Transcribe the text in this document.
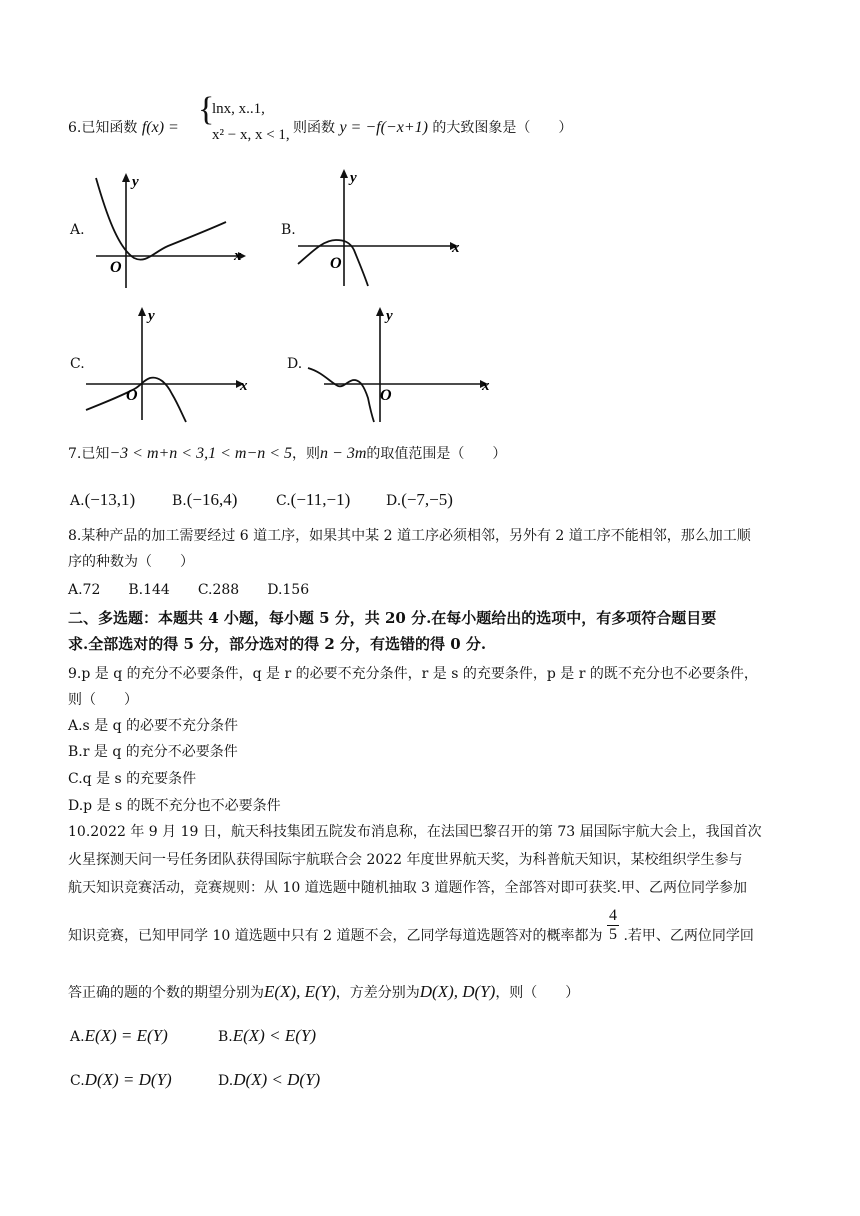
6.已知函数 f(x) = {
lnx, x..1,
x² − x, x < 1, 则函数 y = −f(−x+1) 的大致图象是（　　）
A.
y
x
O
B.
y
x
O
C.
y
x
O
D.
y
x
O
7.已知−3 < m+n < 3,1 < m−n < 5，则n − 3m的取值范围是（　　）
A.(−13,1)	B.(−16,4)	C.(−11,−1)	D.(−7,−5)
8.某种产品的加工需要经过 6 道工序，如果其中某 2 道工序必须相邻，另外有 2 道工序不能相邻，那么加工顺
序的种数为（　　）
A.72　　B.144　　C.288　　D.156
二、多选题：本题共 4 小题，每小题 5 分，共 20 分.在每小题给出的选项中，有多项符合题目要
求.全部选对的得 5 分，部分选对的得 2 分，有选错的得 0 分.
9.p 是 q 的充分不必要条件，q 是 r 的必要不充分条件，r 是 s 的充要条件，p 是 r 的既不充分也不必要条件，
则（　　）
A.s 是 q 的必要不充分条件
B.r 是 q 的充分不必要条件
C.q 是 s 的充要条件
D.p 是 s 的既不充分也不必要条件
10.2022 年 9 月 19 日，航天科技集团五院发布消息称，在法国巴黎召开的第 73 届国际宇航大会上，我国首次
火星探测天问一号任务团队获得国际宇航联合会 2022 年度世界航天奖，为科普航天知识，某校组织学生参与
航天知识竞赛活动，竞赛规则：从 10 道选题中随机抽取 3 道题作答，全部答对即可获奖.甲、乙两位同学参加
知识竞赛，已知甲同学 10 道选题中只有 2 道题不会，乙同学每道选题答对的概率都为 $\frac{4}{5}$ .若甲、乙两位同学回
答正确的题的个数的期望分别为E(X), E(Y)，方差分别为D(X), D(Y)，则（　　）
A.E(X) = E(Y)	B.E(X) < E(Y)
C.D(X) = D(Y)	D.D(X) < D(Y)
